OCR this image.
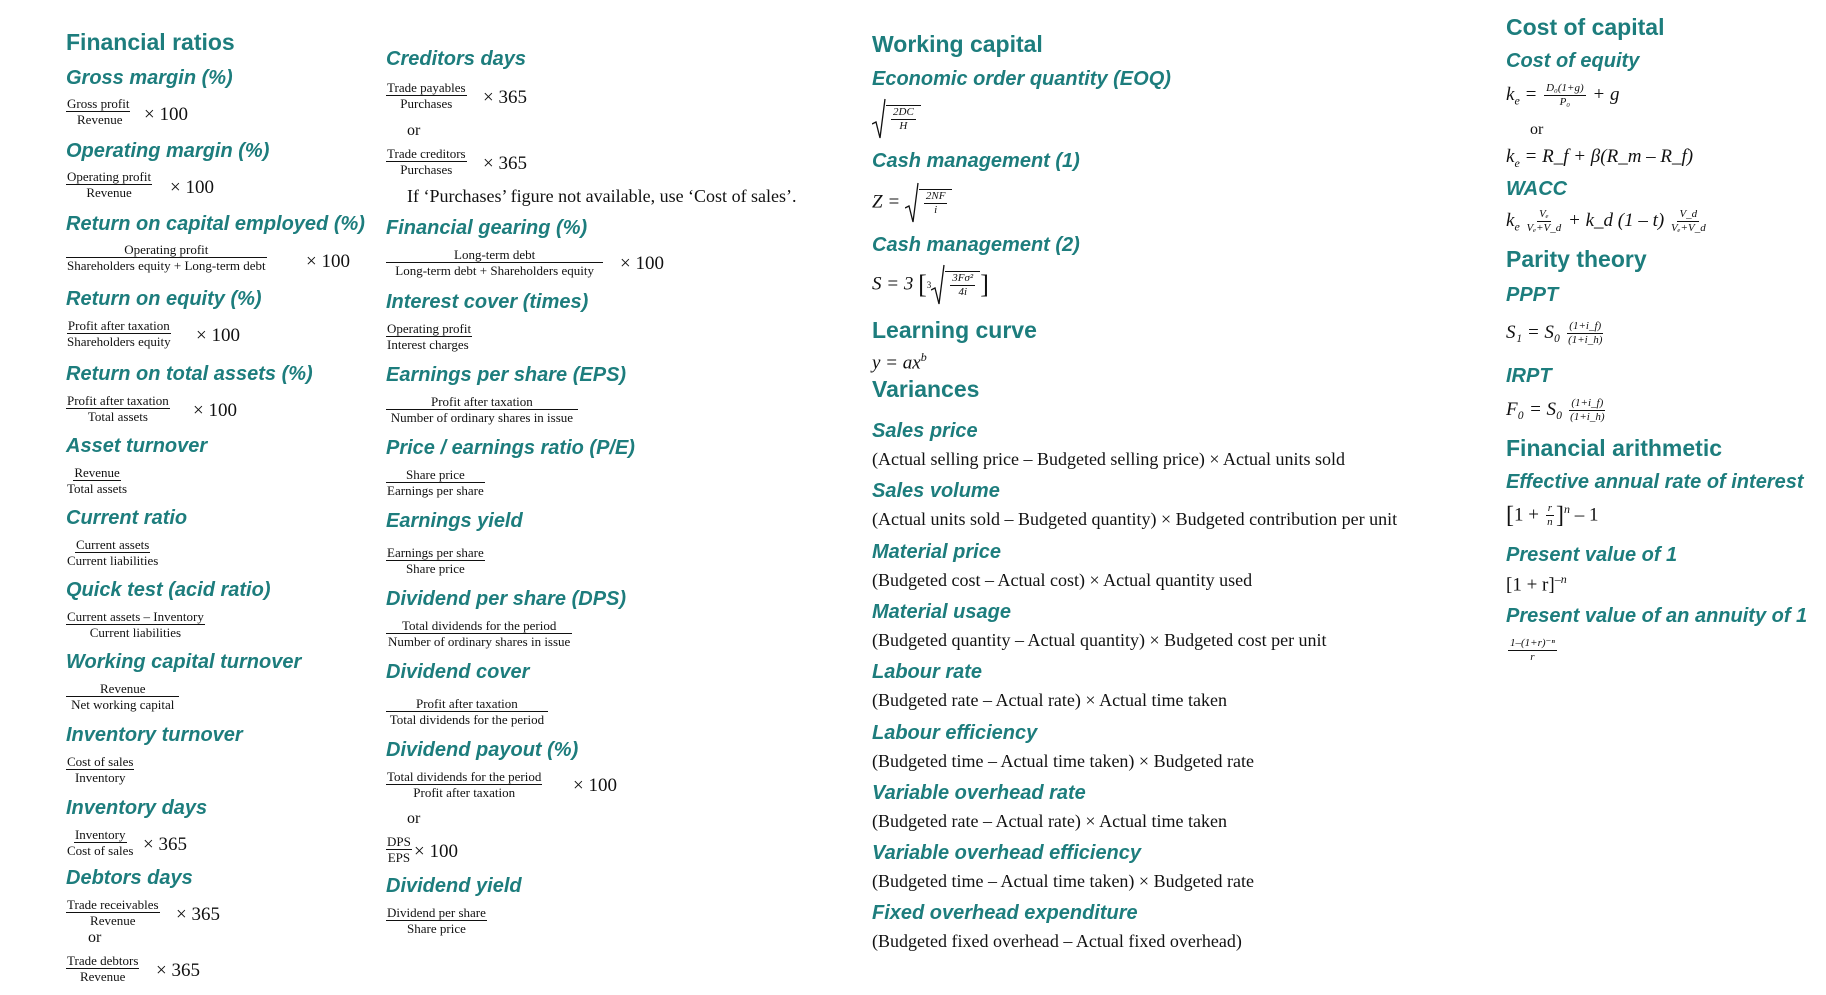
Financial ratios
Gross margin (%)
Gross profit
Revenue × 100
Operating margin (%)
Operating profit
Revenue × 100
Return on capital employed (%)
Operating profit
Shareholders equity + Long-term debt × 100
Return on equity (%)
Profit after taxation
Shareholders equity × 100
Return on total assets (%)
Profit after taxation
Total assets × 100
Asset turnover
Revenue
Total assets
Current ratio
Current assets
Current liabilities
Quick test (acid ratio)
Current assets – Inventory
Current liabilities
Working capital turnover
Revenue
Net working capital
Inventory turnover
Cost of sales
Inventory
Inventory days
Inventory
Cost of sales × 365
Debtors days
Trade receivables
Revenue × 365
or
Trade debtors
Revenue × 365
Creditors days
Trade payables
Purchases × 365
or
Trade creditors
Purchases × 365
If ‘Purchases’ figure not available, use ‘Cost of sales’.
Financial gearing (%)
Long-term debt
Long-term debt + Shareholders equity × 100
Interest cover (times)
Operating profit
Interest charges
Earnings per share (EPS)
Profit after taxation
Number of ordinary shares in issue
Price / earnings ratio (P/E)
Share price
Earnings per share
Earnings yield
Earnings per share
Share price
Dividend per share (DPS)
Total dividends for the period
Number of ordinary shares in issue
Dividend cover
Profit after taxation
Total dividends for the period
Dividend payout (%)
Total dividends for the period
Profit after taxation	× 100
or
DPS
EPS × 100
Dividend yield
Dividend per share
Share price
Working capital
Economic order quantity (EOQ)
$\frac{2DC}{H}$
Cash management (1)
$Z = \frac{2NF}{i}$
Cash management (2)
S = 3 [ $3 \frac{\text{3Fσ²}}{4i}$ ]
Learning curve
$y = ax^b$
Variances
Sales price
(Actual selling price – Budgeted selling price) × Actual units sold
Sales volume
(Actual units sold – Budgeted quantity) × Budgeted contribution per unit
Material price
(Budgeted cost – Actual cost) × Actual quantity used
Material usage
(Budgeted quantity – Actual quantity) × Budgeted cost per unit
Labour rate
(Budgeted rate – Actual rate) × Actual time taken
Labour efficiency
(Budgeted time – Actual time taken) × Budgeted rate
Variable overhead rate
(Budgeted rate – Actual rate) × Actual time taken
Variable overhead efficiency
(Budgeted time – Actual time taken) × Budgeted rate
Fixed overhead expenditure
(Budgeted fixed overhead – Actual fixed overhead)
Cost of capital
Cost of equity
$k_e = \frac{\text{D₀(1+g)}}{\text{P₀}} + g$
or
$k_e$ = R_f + β(R_m – R_f)
WACC
$k_e \frac{\text{Vₑ}}{\text{Vₑ+V\_d}}$ + k_d $(1 - t) \frac{V\_d}{\text{Vₑ+V\_d}}$
Parity theory
PPPT
$S_1 = S_0 \frac{(1+i\_f)}{(1+i\_h)}$
IRPT
$F_0 = S_0 \frac{(1+i\_f)}{(1+i\_h)}$
Financial arithmetic
Effective annual rate of interest
$[1 + \frac{r}{n} ]^n - 1$
Present value of 1
$[1 + r]^{-n}$
Present value of an annuity of 1
$\frac{\text{1–(1+r)⁻ⁿ}}{r}$
